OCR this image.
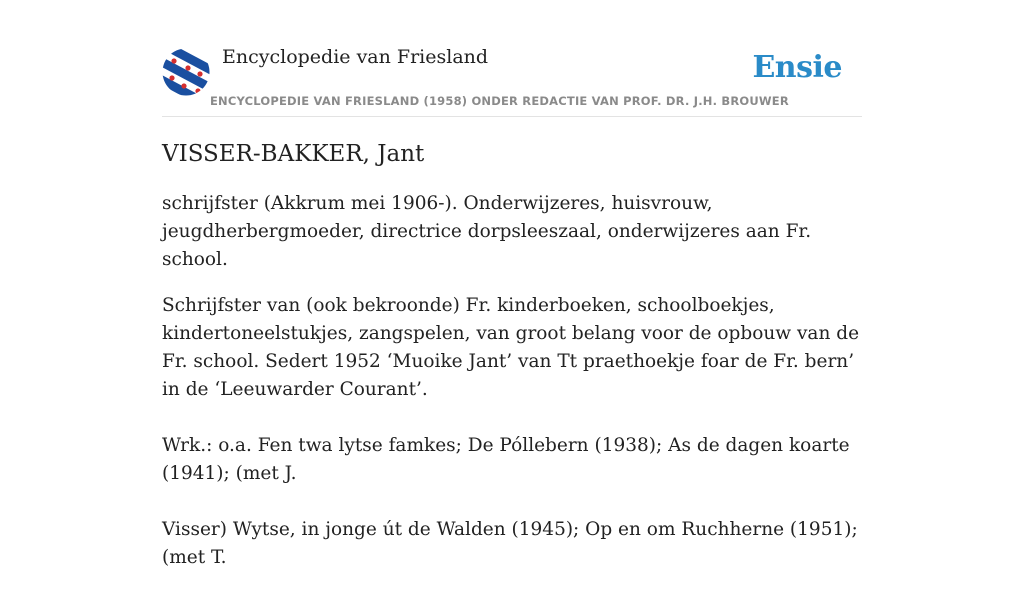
Encyclopedie van Friesland	Ensie
ENCYCLOPEDIE VAN FRIESLAND (1958) ONDER REDACTIE VAN PROF. DR. J.H. BROUWER
VISSER-BAKKER, Jant

schrijfster (Akkrum mei 1906-). Onderwijzeres, huisvrouw, jeugdherbergmoeder, directrice dorpsleeszaal, onderwijzeres aan Fr. school.

Schrijfster van (ook bekroonde) Fr. kinderboeken, schoolboekjes, kindertoneelstukjes, zangspelen, van groot belang voor de opbouw van de Fr. school. Sedert 1952 ‘Muoike Jant’ van Tt praethoekje foar de Fr. bern’ in de ‘Leeuwarder Courant’.

Wrk.: o.a. Fen twa lytse famkes; De Póllebern (1938); As de dagen koarte (1941); (met J.

Visser) Wytse, in jonge út de Walden (1945); Op en om Ruchherne (1951); (met T.
